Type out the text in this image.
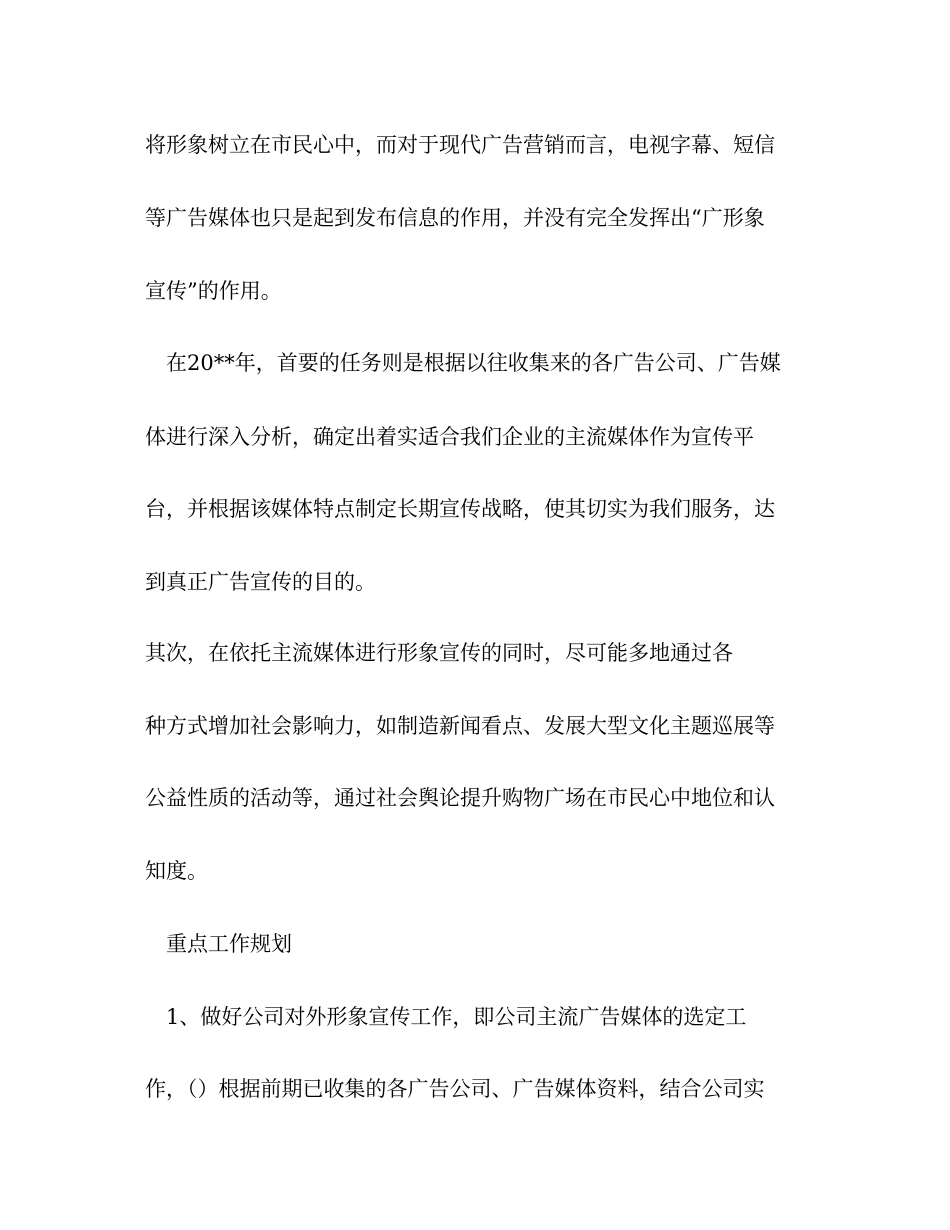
将形象树立在市民心中，而对于现代广告营销而言，电视字幕、短信
等广告媒体也只是起到发布信息的作用，并没有完全发挥出“广形象
宣传”的作用。
在20**年，首要的任务则是根据以往收集来的各广告公司、广告媒
体进行深入分析，确定出着实适合我们企业的主流媒体作为宣传平
台，并根据该媒体特点制定长期宣传战略，使其切实为我们服务，达
到真正广告宣传的目的。
其次，在依托主流媒体进行形象宣传的同时，尽可能多地通过各
种方式增加社会影响力，如制造新闻看点、发展大型文化主题巡展等
公益性质的活动等，通过社会舆论提升购物广场在市民心中地位和认
知度。
重点工作规划
1、做好公司对外形象宣传工作，即公司主流广告媒体的选定工
作，（）根据前期已收集的各广告公司、广告媒体资料，结合公司实
